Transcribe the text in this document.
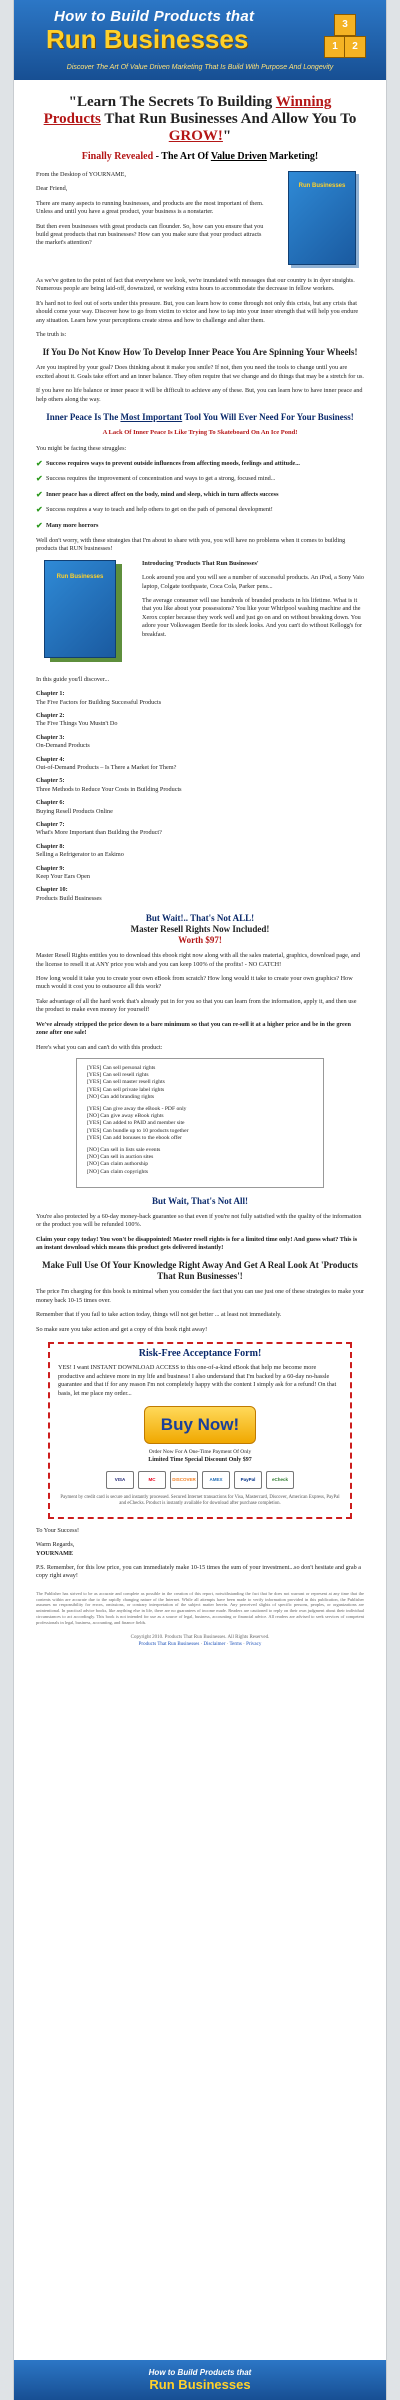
How to Build Products that
Run Businesses	1	2
3
Discover The Art Of Value Driven Marketing That Is Build With Purpose And Longevity
"Learn The Secrets To Building Winning Products That Run Businesses And Allow You To GROW!"
Finally Revealed - The Art Of Value Driven Marketing!
Run Businesses

From the Desktop of YOURNAME,

Dear Friend,

There are many aspects to running businesses, and products are the most important of them. Unless and until you have a great product, your business is a nonstarter.

But then even businesses with great products can flounder. So, how can you ensure that you build great products that run businesses? How can you make sure that your product attracts the market's attention?

As we've gotten to the point of fact that everywhere we look, we're inundated with messages that our country is in dyer straights. Numerous people are being laid-off, downsized, or working extra hours to accommodate the decrease in fellow workers.

It's hard not to feel out of sorts under this pressure. But, you can learn how to come through not only this crisis, but any crisis that should come your way. Discover how to go from victim to victor and how to tap into your inner strength that will help you endure any situation. Learn how your perceptions create stress and how to challenge and alter them.

The truth is:

If You Do Not Know How To Develop Inner Peace You Are Spinning Your Wheels!

Are you inspired by your goal? Does thinking about it make you smile? If not, then you need the tools to change until you are excited about it. Goals take effort and an inner balance. They often require that we change and do things that may be a stretch for us.

If you have no life balance or inner peace it will be difficult to achieve any of these. But, you can learn how to have inner peace and help others along the way.

Inner Peace Is The Most Important Tool You Will Ever Need For Your Business!
A Lack Of Inner Peace Is Like Trying To Skateboard On An Ice Pond!

You might be facing these struggles:

✔ Success requires ways to prevent outside influences from affecting moods, feelings and attitude...
✔ Success requires the improvement of concentration and ways to get a strong, focused mind...
✔ Inner peace has a direct affect on the body, mind and sleep, which in turn affects success
✔ Success requires a way to teach and help others to get on the path of personal development!
✔ Many more horrors

Well don't worry, with these strategies that I'm about to share with you, you will have no problems when it comes to building products that RUN businesses!

Run Businesses

Introducing 'Products That Run Businesses'

Look around you and you will see a number of successful products. An iPod, a Sony Vaio laptop, Colgate toothpaste, Coca Cola, Parker pens...

The average consumer will use hundreds of branded products in his lifetime. What is it that you like about your possessions? You like your Whirlpool washing machine and the Xerox copier because they work well and just go on and on without breaking down. You adore your Volkswagen Beetle for its sleek looks. And you can't do without Kellogg's for breakfast.

In this guide you'll discover...

Chapter 1:
The Five Factors for Building Successful Products
Chapter 2:
The Five Things You Mustn't Do
Chapter 3:
On-Demand Products
Chapter 4:
Out-of-Demand Products – Is There a Market for Them?
Chapter 5:
Three Methods to Reduce Your Costs in Building Products
Chapter 6:
Buying Resell Products Online
Chapter 7:
What's More Important than Building the Product?
Chapter 8:
Selling a Refrigerator to an Eskimo
Chapter 9:
Keep Your Ears Open
Chapter 10:
Products Build Businesses
But Wait!.. That's Not ALL!
Master Resell Rights Now Included!
Worth $97!

Master Resell Rights entitles you to download this ebook right now along with all the sales material, graphics, download page, and the license to resell it at ANY price you wish and you can keep 100% of the profits! - NO CATCH!

How long would it take you to create your own eBook from scratch? How long would it take to create your own graphics? How much would it cost you to outsource all this work?

Take advantage of all the hard work that's already put in for you so that you can learn from the information, apply it, and then use the product to make even money for yourself!

We've already stripped the price down to a bare minimum so that you can re-sell it at a higher price and be in the green zone after one sale!

Here's what you can and can't do with this product:

[YES] Can sell personal rights
[YES] Can sell resell rights
[YES] Can sell master resell rights
[YES] Can sell private label rights
[NO] Can add branding rights
[YES] Can give away the eBook - PDF only
[NO] Can give away eBook rights
[YES] Can added to PAID and member site
[YES] Can bundle up to 10 products together
[YES] Can add bonuses to the ebook offer
[NO] Can sell in lists sale events
[NO] Can sell in auction sites
[NO] Can claim authorship
[NO] Can claim copyrights
But Wait, That's Not All!

You're also protected by a 60-day money-back guarantee so that even if you're not fully satisfied with the quality of the information or the product you will be refunded 100%.

Claim your copy today! You won't be disappointed! Master resell rights is for a limited time only! And guess what? This is an instant download which means this product gets delivered instantly!

Make Full Use Of Your Knowledge Right Away And Get A Real Look At 'Products That Run Businesses'!

The price I'm charging for this book is minimal when you consider the fact that you can use just one of these strategies to make your money back 10-15 times over.

Remember that if you fail to take action today, things will not get better ... at least not immediately.

So make sure you take action and get a copy of this book right away!

Risk-Free Acceptance Form!

YES! I want INSTANT DOWNLOAD ACCESS to this one-of-a-kind eBook that help me become more productive and achieve more in my life and business! I also understand that I'm backed by a 60-day no-hassle guarantee and that if for any reason I'm not completely happy with the content I simply ask for a refund! On that basis, let me place my order...

Buy Now!
Order Now For A One-Time Payment Of Only
Limited Time Special Discount Only $97
VISA	MC	DISCOVER	AMEX	PayPal	eCheck
Payment by credit card is secure and instantly processed. Secured Internet transactions for Visa, Mastercard, Discover, American Express, PayPal and eChecks. Product is instantly available for download after purchase completion.

To Your Success!

Warm Regards,

YOURNAME

P.S. Remember, for this low price, you can immediately make 10-15 times the sum of your investment...so don't hesitate and grab a copy right away!

The Publisher has strived to be as accurate and complete as possible in the creation of this report, notwithstanding the fact that he does not warrant or represent at any time that the contents within are accurate due to the rapidly changing nature of the Internet. While all attempts have been made to verify information provided in this publication, the Publisher assumes no responsibility for errors, omissions, or contrary interpretation of the subject matter herein. Any perceived slights of specific persons, peoples, or organizations are unintentional. In practical advice books, like anything else in life, there are no guarantees of income made. Readers are cautioned to reply on their own judgment about their individual circumstances to act accordingly. This book is not intended for use as a source of legal, business, accounting or financial advice. All readers are advised to seek services of competent professionals in legal, business, accounting, and finance fields.
Copyright 2010. Products That Run Businesses. All Rights Reserved.
Products That Run Businesses · Disclaimer · Terms · Privacy
How to Build Products that
Run Businesses
